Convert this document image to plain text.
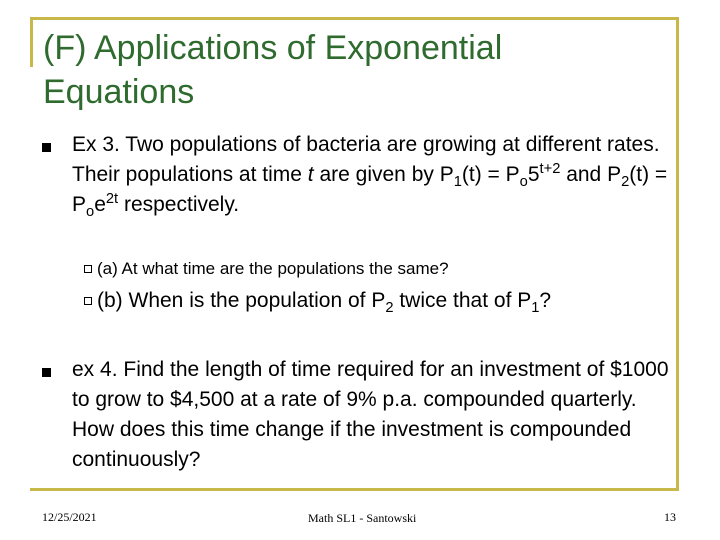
(F) Applications of Exponential
Equations
Ex 3. Two populations of bacteria are growing at different rates. Their populations at time t are given by $P_1(t) = P_o5^{t+2}$ and $P_2(t) = P_oe^{2t}$ respectively.
(a) At what time are the populations the same?
(b) When is the population of $P_2$ twice that of $P_1$?
ex 4. Find the length of time required for an investment of $1000 to grow to $4,500 at a rate of 9% p.a. compounded quarterly. How does this time change if the investment is compounded continuously?
12/25/2021	Math SL1 - Santowski	13
